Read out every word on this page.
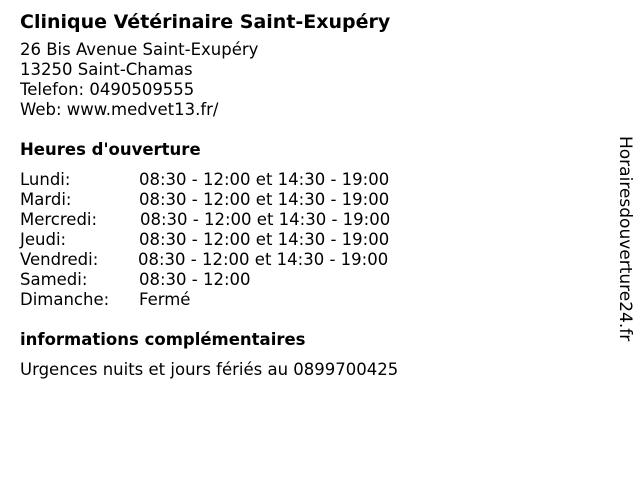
Clinique Vétérinaire Saint-Exupéry
26 Bis Avenue Saint-Exupéry
13250 Saint-Chamas
Telefon: 0490509555
Web: www.medvet13.fr/
Heures d'ouverture
Lundi:	08:30 - 12:00 et 14:30 - 19:00
Mardi:	08:30 - 12:00 et 14:30 - 19:00
Mercredi:	08:30 - 12:00 et 14:30 - 19:00
Jeudi:	08:30 - 12:00 et 14:30 - 19:00
Vendredi:	08:30 - 12:00 et 14:30 - 19:00
Samedi:	08:30 - 12:00
Dimanche:	Fermé
informations complémentaires
Urgences nuits et jours fériés au 0899700425
Horairesdouverture24.fr
